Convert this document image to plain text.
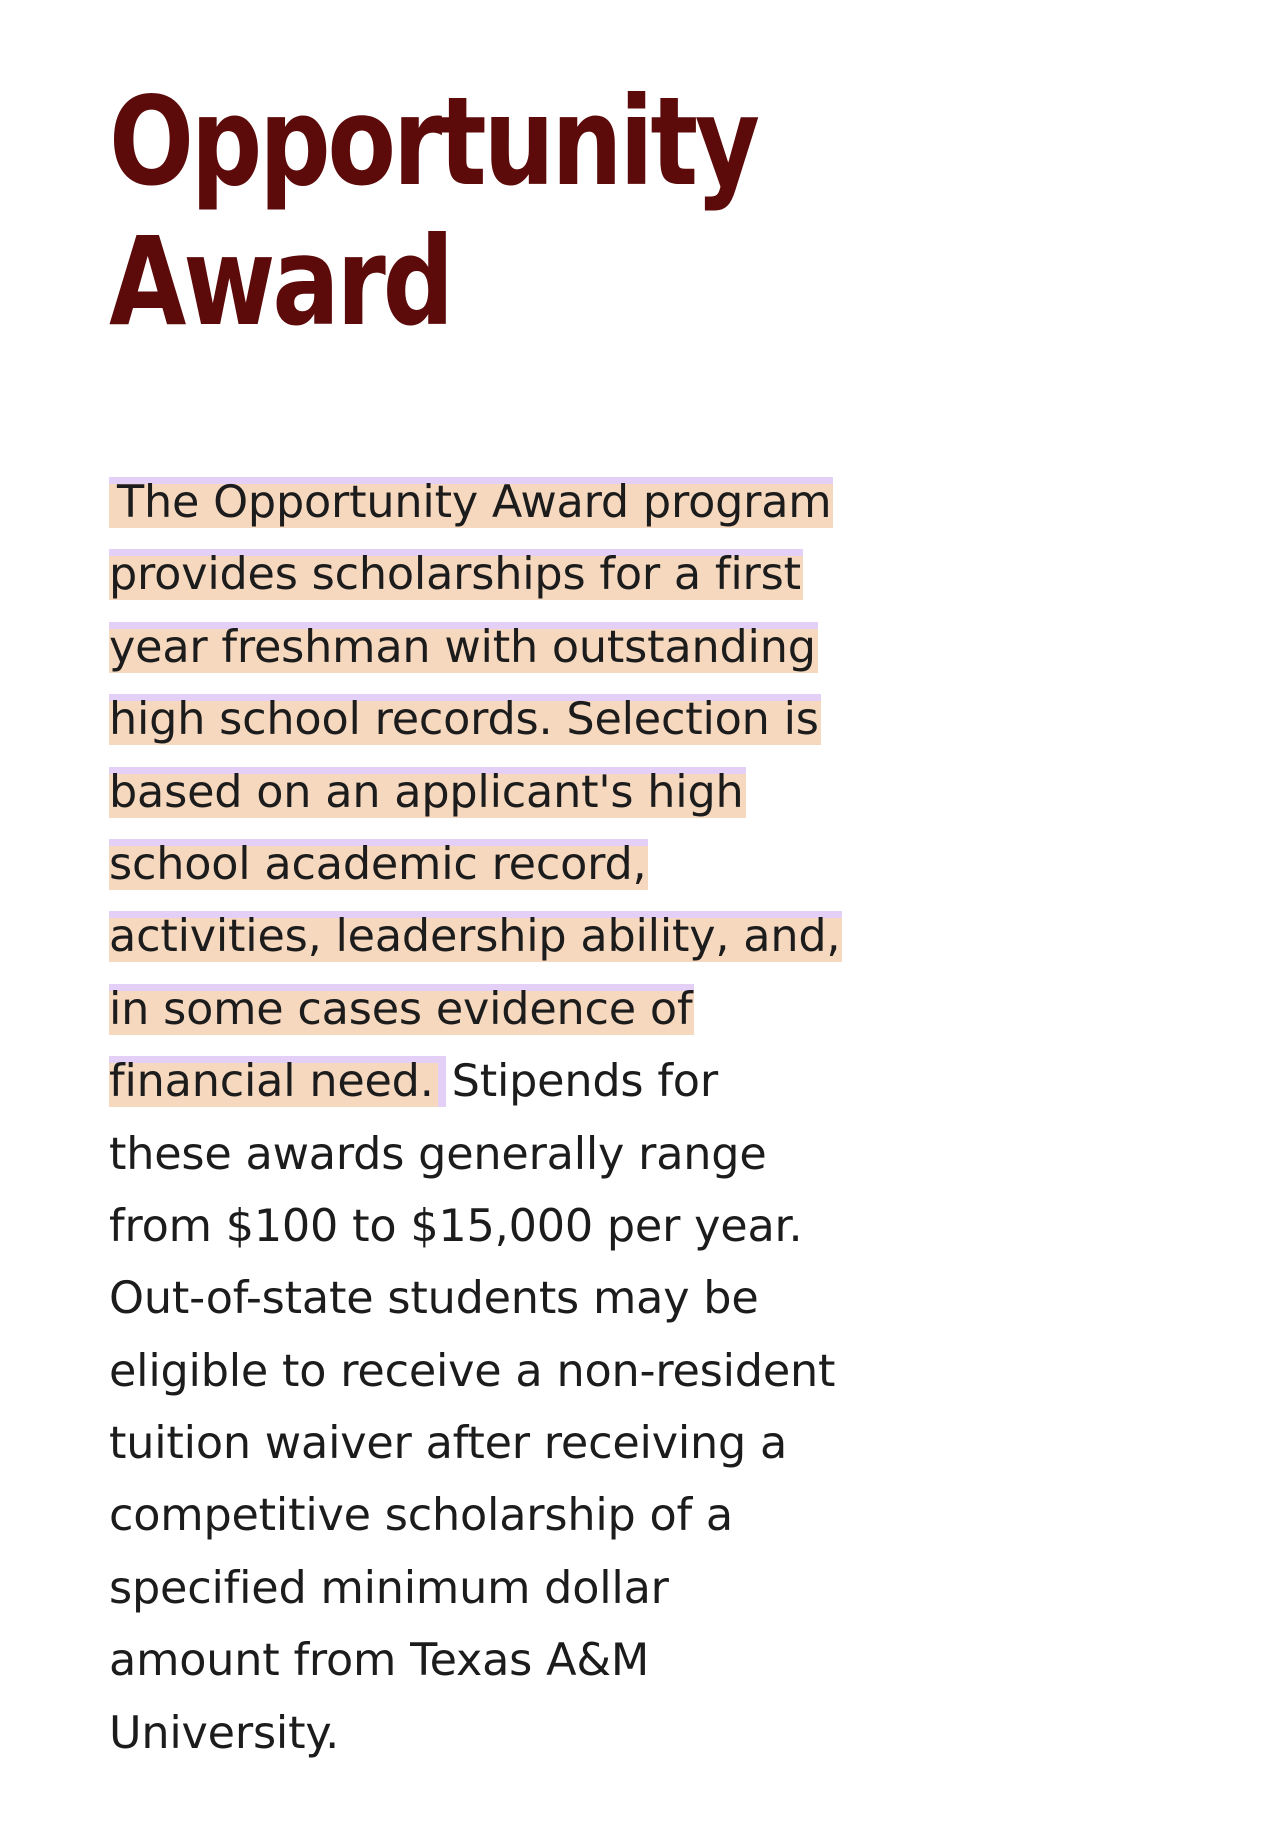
Opportunity
Award
The Opportunity Award program
provides scholarships for a first
year freshman with outstanding
high school records. Selection is
based on an applicant's high
school academic record,
activities, leadership ability, and,
in some cases evidence of
financial need. Stipends for
these awards generally range
from $100 to $15,000 per year.
Out-of-state students may be
eligible to receive a non-resident
tuition waiver after receiving a
competitive scholarship of a
specified minimum dollar
amount from Texas A&M
University.
